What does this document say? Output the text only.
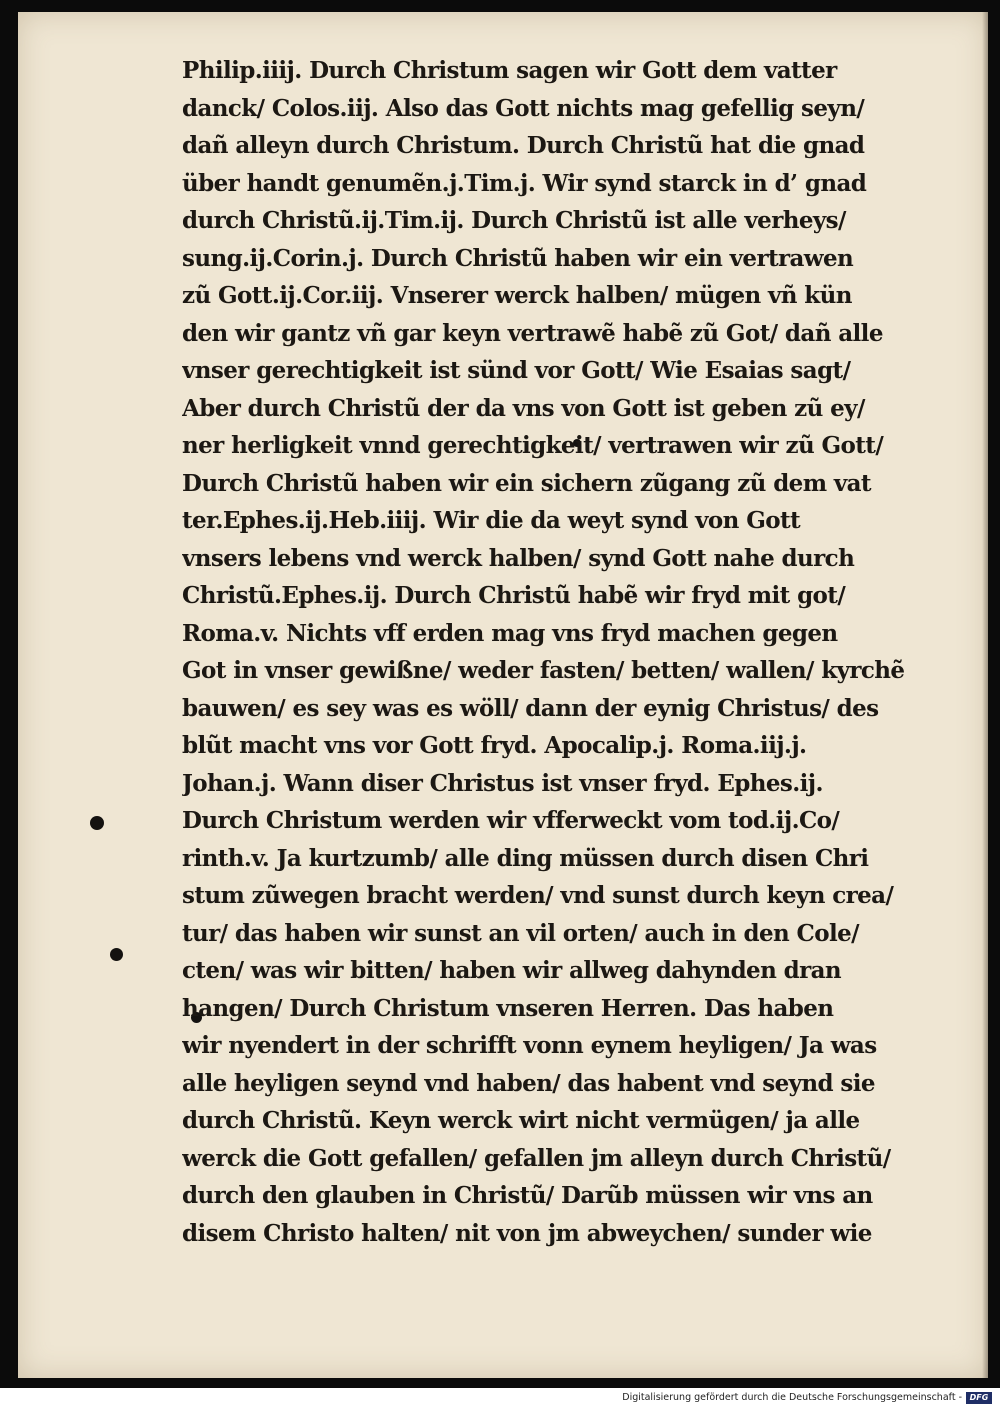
Philip.iiij. Durch Christum sagen wir Gott dem vatter
danck/ Colos.iij. Also das Gott nichts mag gefellig seyn/
dañ alleyn durch Christum. Durch Christũ hat die gnad
über handt genumẽn.j.Tim.j. Wir synd starck in d’ gnad
durch Christũ.ij.Tim.ij. Durch Christũ ist alle verheys/
sung.ij.Corin.j. Durch Christũ haben wir ein vertrawen
zũ Gott.ij.Cor.iij. Vnserer werck halben/ mügen vñ kün
den wir gantz vñ gar keyn vertrawẽ habẽ zũ Got/ dañ alle
vnser gerechtigkeit ist sünd vor Gott/ Wie Esaias sagt/
Aber durch Christũ der da vns von Gott ist geben zũ ey/
ner herligkeit vnnd gerechtigkeit/ vertrawen wir zũ Gott/
Durch Christũ haben wir ein sichern zũgang zũ dem vat
ter.Ephes.ij.Heb.iiij. Wir die da weyt synd von Gott
vnsers lebens vnd werck halben/ synd Gott nahe durch
Christũ.Ephes.ij. Durch Christũ habẽ wir fryd mit got/
Roma.v. Nichts vff erden mag vns fryd machen gegen
Got in vnser gewißne/ weder fasten/ betten/ wallen/ kyrchẽ
bauwen/ es sey was es wöll/ dann der eynig Christus/ des
blũt macht vns vor Gott fryd. Apocalip.j. Roma.iij.j.
Johan.j. Wann diser Christus ist vnser fryd. Ephes.ij.
Durch Christum werden wir vfferweckt vom tod.ij.Co/
rinth.v. Ja kurtzumb/ alle ding müssen durch disen Chri
stum zũwegen bracht werden/ vnd sunst durch keyn crea/
tur/ das haben wir sunst an vil orten/ auch in den Cole/
cten/ was wir bitten/ haben wir allweg dahynden dran
hangen/ Durch Christum vnseren Herren. Das haben
wir nyendert in der schrifft vonn eynem heyligen/ Ja was
alle heyligen seynd vnd haben/ das habent vnd seynd sie
durch Christũ. Keyn werck wirt nicht vermügen/ ja alle
werck die Gott gefallen/ gefallen jm alleyn durch Christũ/
durch den glauben in Christũ/ Darũb müssen wir vns an
disem Christo halten/ nit von jm abweychen/ sunder wie
Digitalisierung gefördert durch die Deutsche Forschungsgemeinschaft - DFG
